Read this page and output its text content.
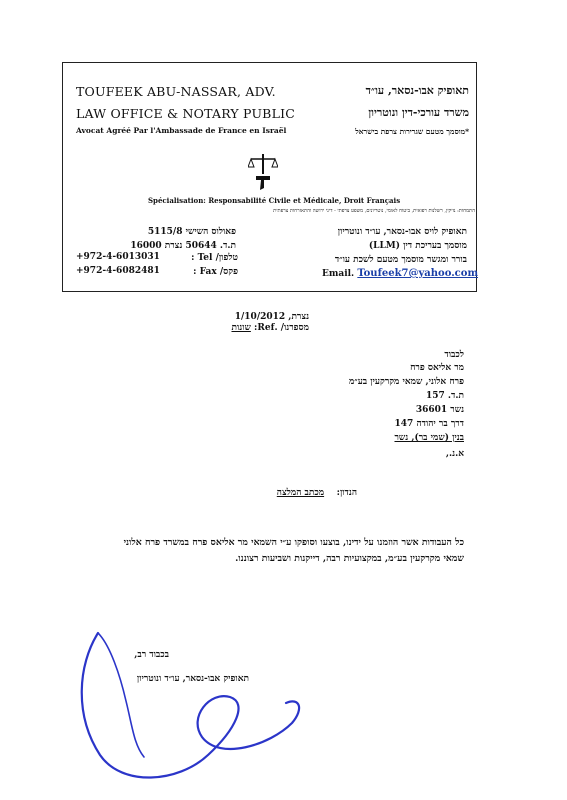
TOUFEEK ABU-NASSAR, ADV.
LAW OFFICE & NOTARY PUBLIC
Avocat Agréé Par l'Ambassade de France en Israël
תאופיק אבו-נסאר, עו״ד
משרד עורכי-דין ונוטריון
*מוסמך מטעם שגרירות צרפת בישראל
Spécialisation: Responsabilité Civile et Médicale, Droit Français
התמחות: נזיקין, רשלנות רפואית, ביטוח לאומי, נוטריונים, משפט צרפתי - דיני ירושה והתאזרחות צרפתית
תאופיק לויס אבו-נסאר, עו״ד ונוטריון
מוסמך בעריכת דין (LLM)
בורר ומגשר מוסמך מטעם לשכת עו״ד
Email. Toufeek7@yahoo.com
פאולוס השישי 5115/8
ת.ד. 50644 נצרת 16000
+972-4-6013031	טלפון/ Tel :
+972-4-6082481	פקס/ Fax :
נצרת, 1/10/2012
מספרנו/ .Ref: שונות
לכבוד
מר אליאס פרח
פרח אלוני, שמאי מקרקעין בע״מ
ת.ד. 157
נשר 36601
דרך בר יהודה 147
בנין (שמי בר), נשר
א.נ.,
הנדון:    מכתב המלצה
כל העבודות אשר הוזמנו על ידינו, בוצעו וסופקו ע״י השמאי מר אליאס פרח במשרד פרח אלוני
שמאי מקרקעין בע״מ, במקצועיות רבה, דייקנות ושביעות רצוננו.
בכבוד רב,
תאופיק אבו-נסאר, עו״ד ונוטריון
